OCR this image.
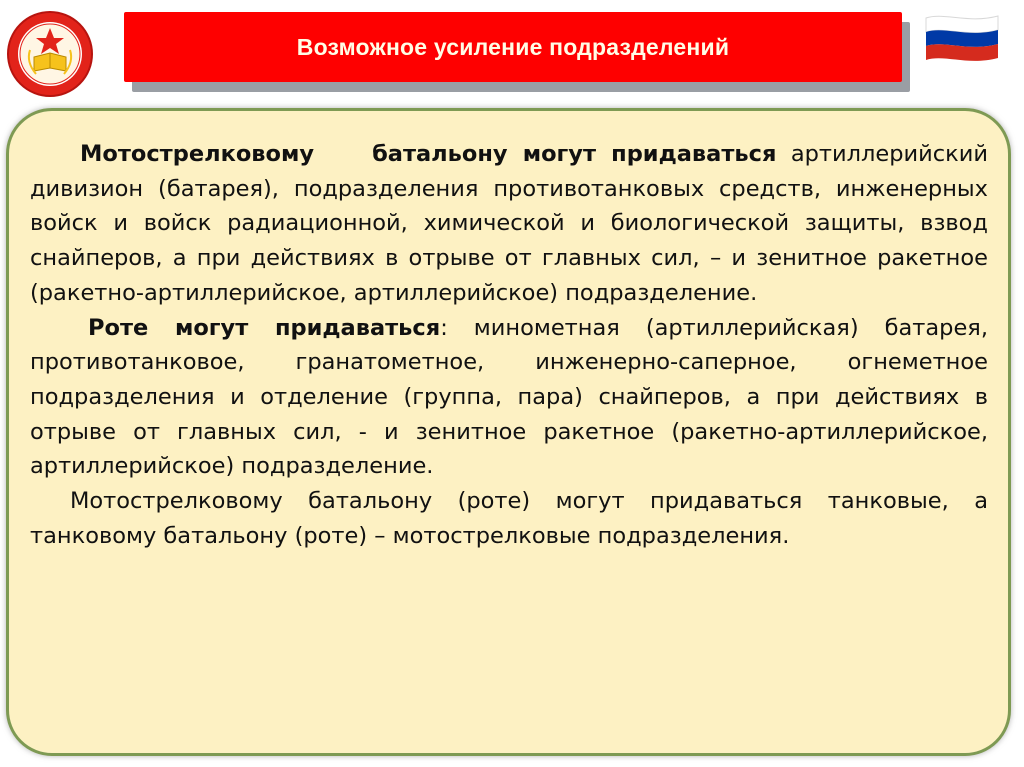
Возможное усиление подразделений

Мотострелковому	батальону могут придаваться артиллерийский дивизион (батарея), подразделения противотанковых средств, инженерных войск и войск радиационной, химической и биологической защиты, взвод снайперов, а при действиях в отрыве от главных сил, – и зенитное ракетное (ракетно-артиллерийское, артиллерийское) подразделение.

Роте могут придаваться: минометная (артиллерийская) батарея, противотанковое, гранатометное, инженерно-саперное, огнеметное подразделения и отделение (группа, пара) снайперов, а при действиях в отрыве от главных сил, - и зенитное ракетное (ракетно-артиллерийское, артиллерийское) подразделение.

Мотострелковому батальону (роте) могут придаваться танковые, а танковому батальону (роте) – мотострелковые подразделения.
